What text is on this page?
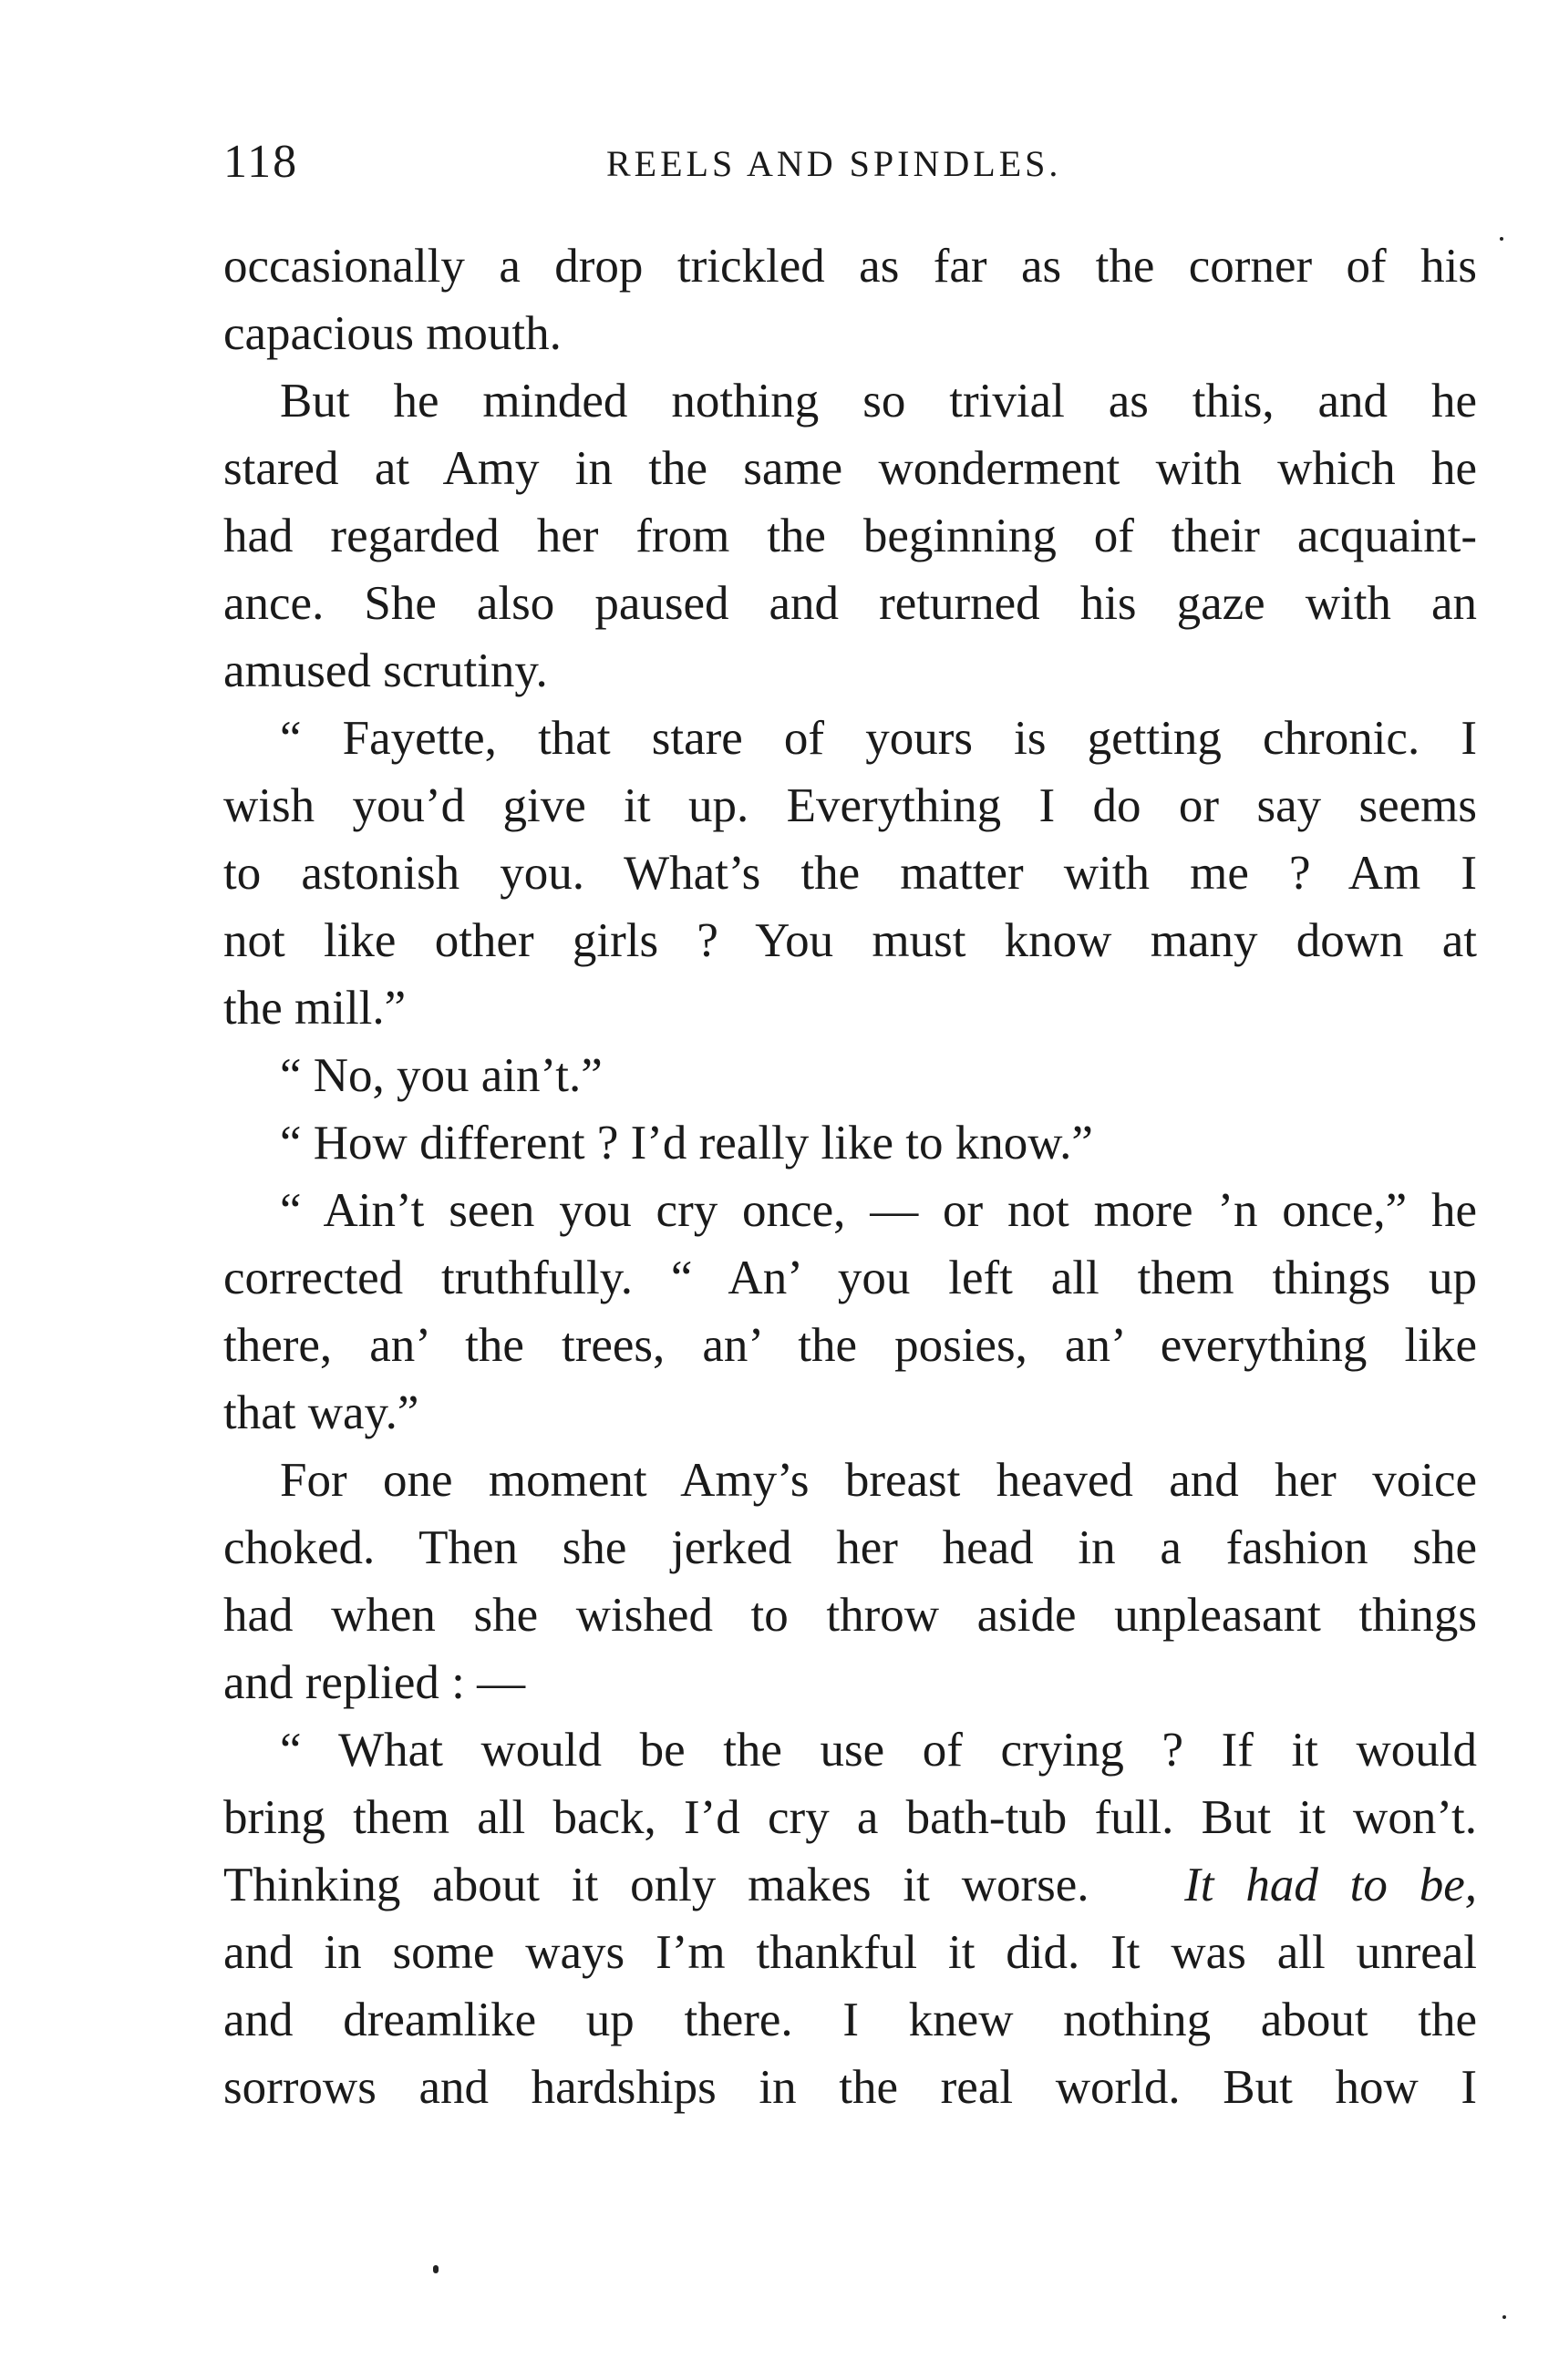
118	REELS AND SPINDLES.

occasionally a drop trickled as far as the corner of his

capacious mouth.

But he minded nothing so trivial as this, and he

stared at Amy in the same wonderment with which he

had regarded her from the beginning of their acquaint-

ance. She also paused and returned his gaze with an

amused scrutiny.

“ Fayette, that stare of yours is getting chronic. I

wish you’d give it up. Everything I do or say seems

to astonish you. What’s the matter with me ? Am I

not like other girls ? You must know many down at

the mill.”

“ No, you ain’t.”

“ How different ? I’d really like to know.”

“ Ain’t seen you cry once, — or not more ’n once,” he

corrected truthfully. “ An’ you left all them things up

there, an’ the trees, an’ the posies, an’ everything like

that way.”

For one moment Amy’s breast heaved and her voice

choked. Then she jerked her head in a fashion she

had when she wished to throw aside unpleasant things

and replied : —

“ What would be the use of crying ? If it would

bring them all back, I’d cry a bath-tub full. But it won’t.

Thinking about it only makes it worse. It had to be,

and in some ways I’m thankful it did. It was all unreal

and dreamlike up there. I knew nothing about the

sorrows and hardships in the real world. But how I
